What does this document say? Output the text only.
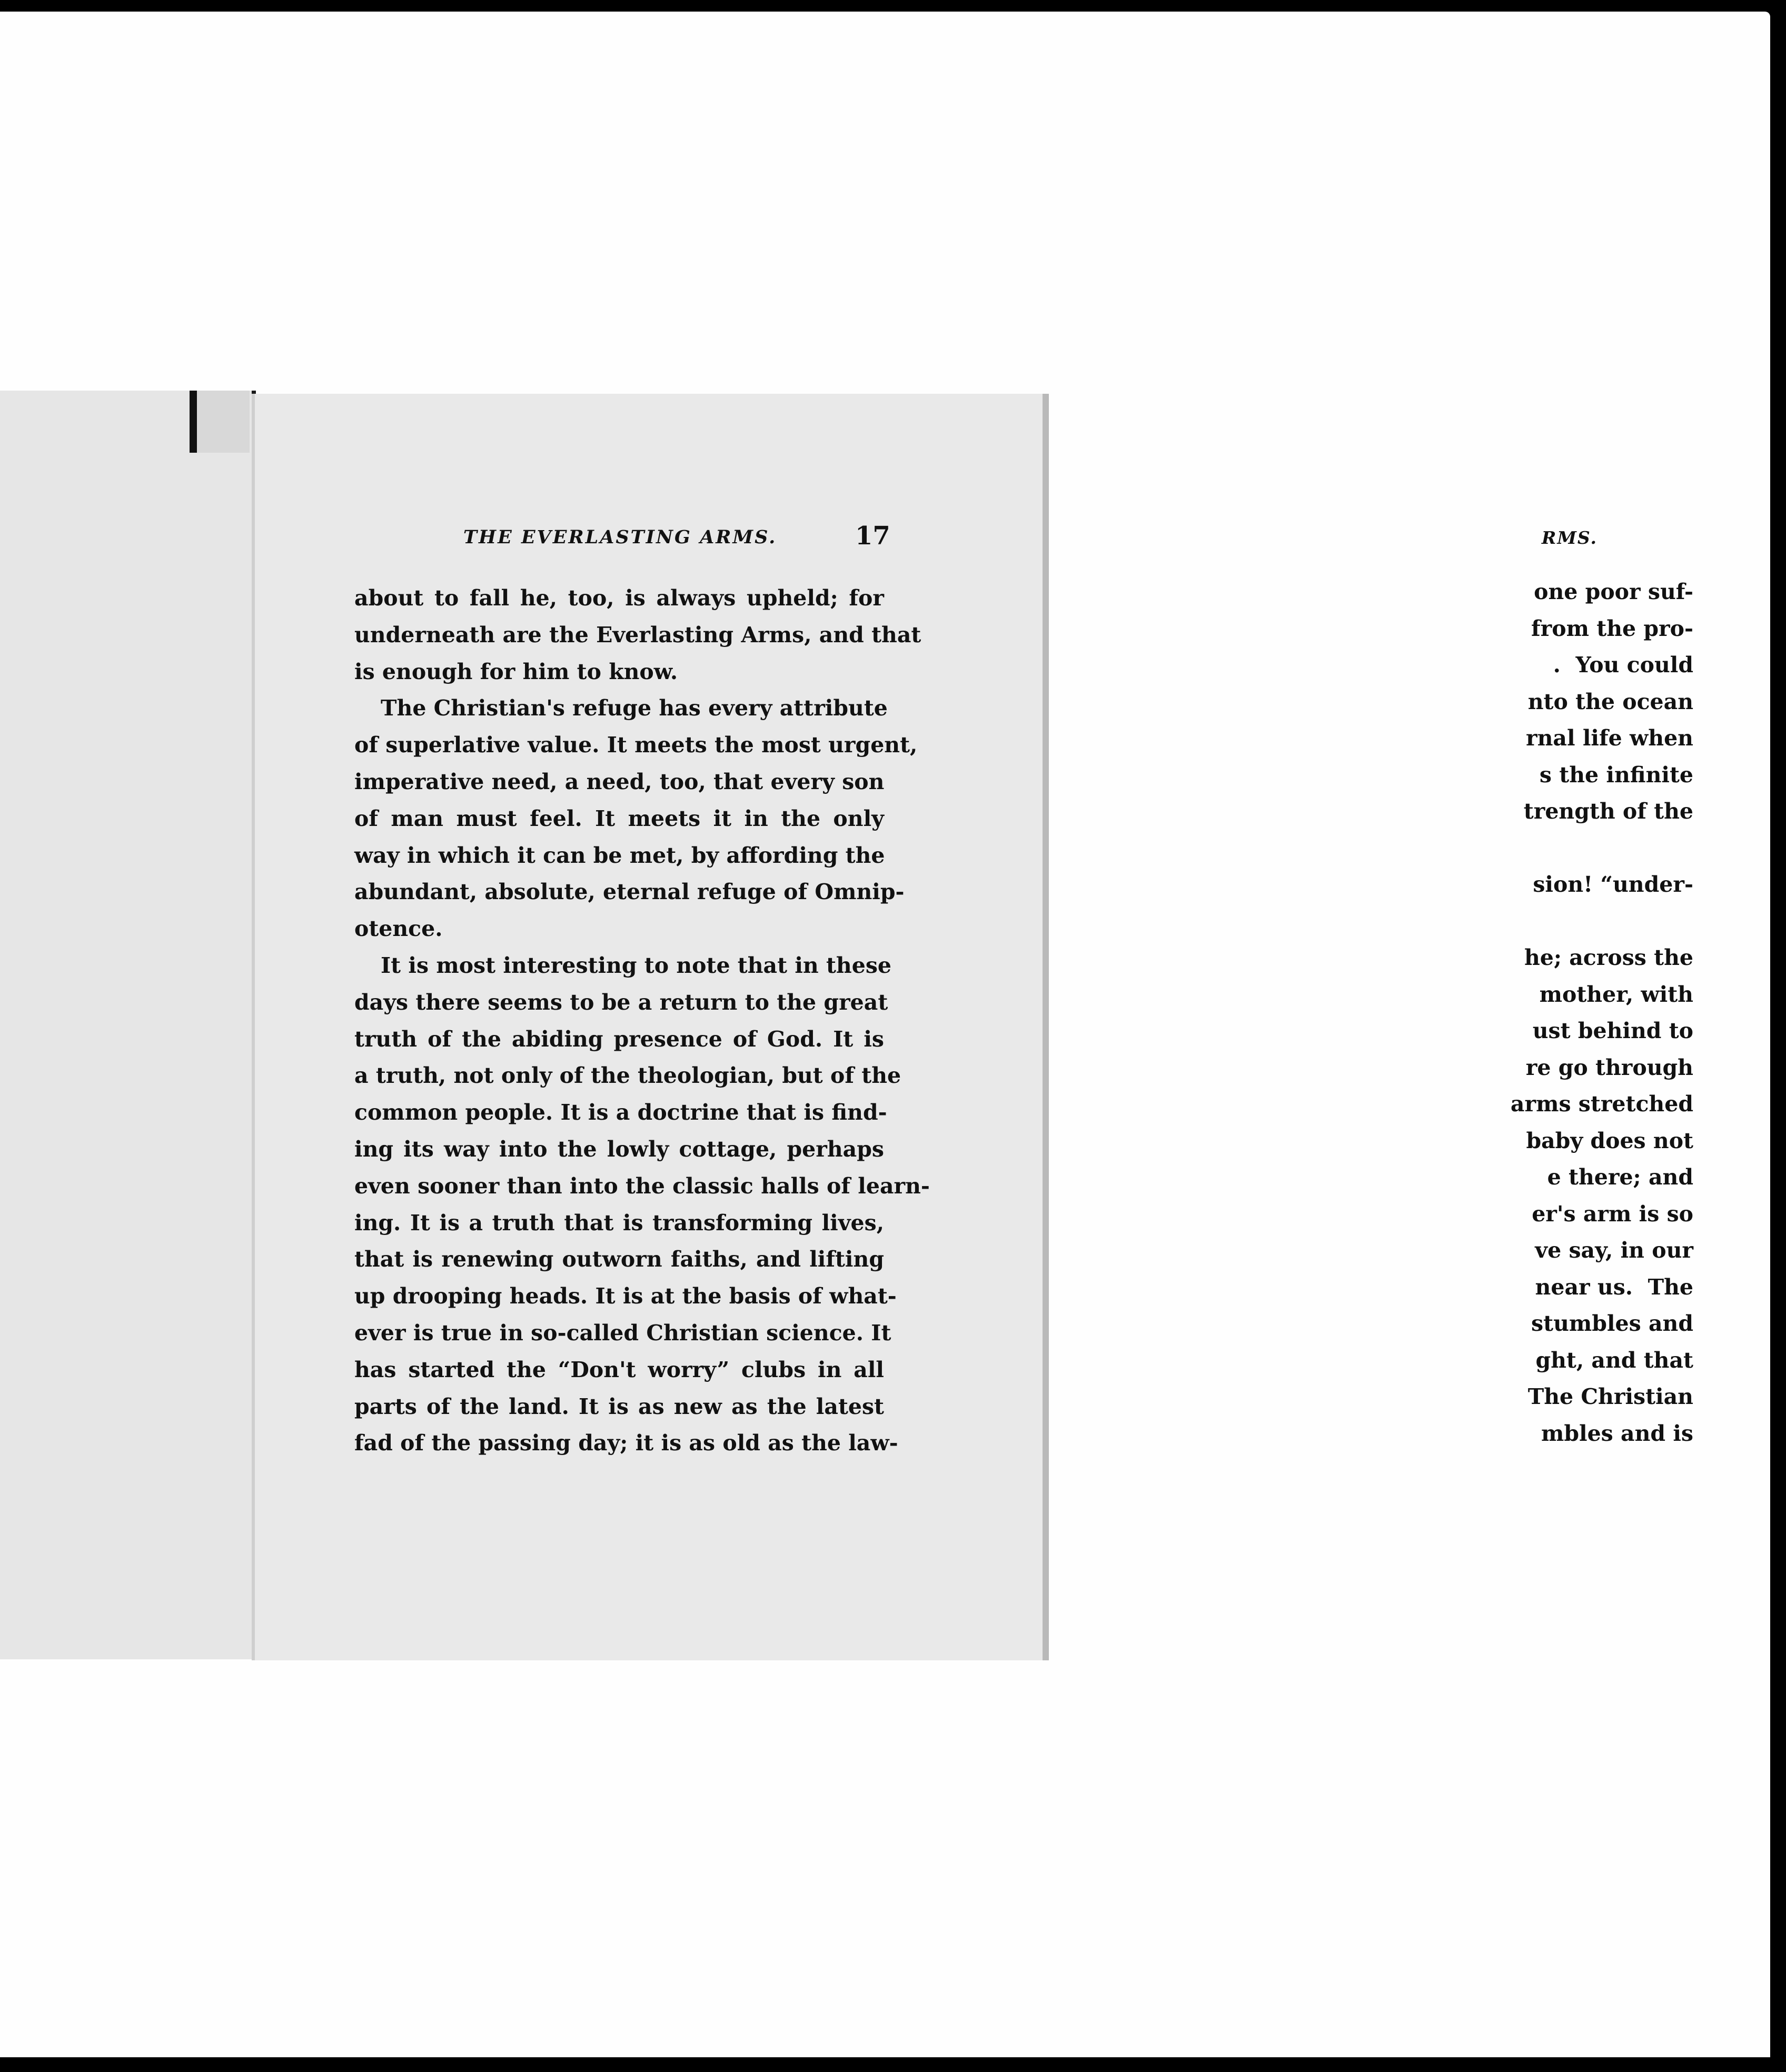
RMS.
one poor suf-
from the pro-
.  You could
nto the ocean
rnal life when
s the infinite
trength of the
sion! “under-
he; across the
mother, with
ust behind to
re go through
arms stretched
baby does not
e there; and
er's arm is so
ve say, in our
near us.  The
stumbles and
ght, and that
The Christian
mbles and is
THE EVERLASTING ARMS.	17
about to fall he, too, is always upheld; for
underneath are the Everlasting Arms, and that
is enough for him to know.
The Christian's refuge has every attribute
of superlative value. It meets the most urgent,
imperative need, a need, too, that every son
of man must feel. It meets it in the only
way in which it can be met, by affording the
abundant, absolute, eternal refuge of Omnip-
otence.
It is most interesting to note that in these
days there seems to be a return to the great
truth of the abiding presence of God. It is
a truth, not only of the theologian, but of the
common people. It is a doctrine that is find-
ing its way into the lowly cottage, perhaps
even sooner than into the classic halls of learn-
ing. It is a truth that is transforming lives,
that is renewing outworn faiths, and lifting
up drooping heads. It is at the basis of what-
ever is true in so-called Christian science. It
has started the “Don't worry” clubs in all
parts of the land. It is as new as the latest
fad of the passing day; it is as old as the law-
